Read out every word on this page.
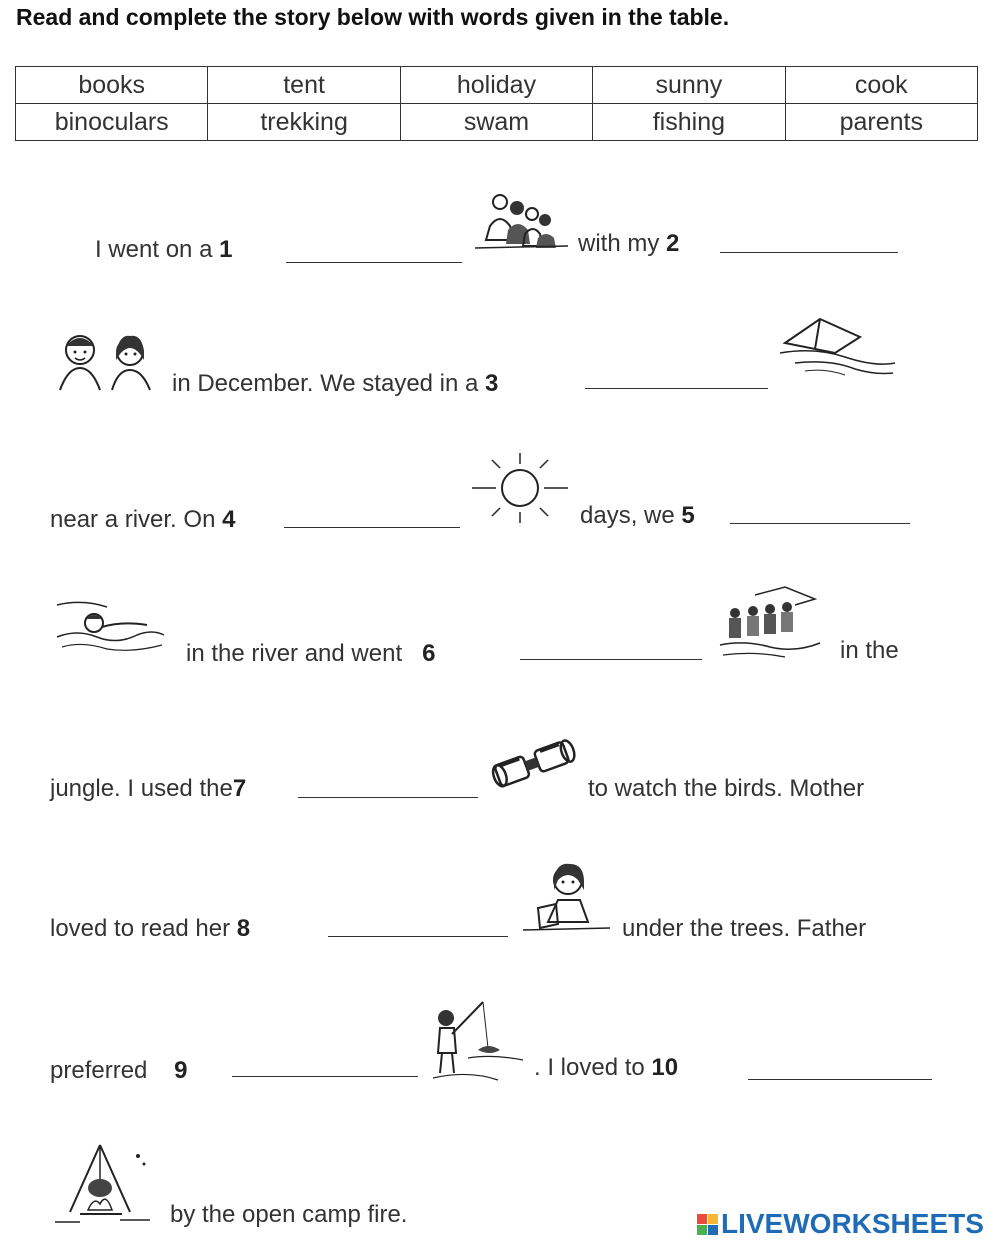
Read and complete the story below with words given in the table.
books	tent	holiday	sunny	cook
binoculars	trekking	swam	fishing	parents
I went on a 1	with my 2
in December. We stayed in a 3
near a river. On 4	days, we 5
in the river and went 6	in the
jungle. I used the7	to watch the birds. Mother
loved to read her 8	under the trees. Father
preferred 9	. I loved to 10
by the open camp fire.	LIVEWORKSHEETS
